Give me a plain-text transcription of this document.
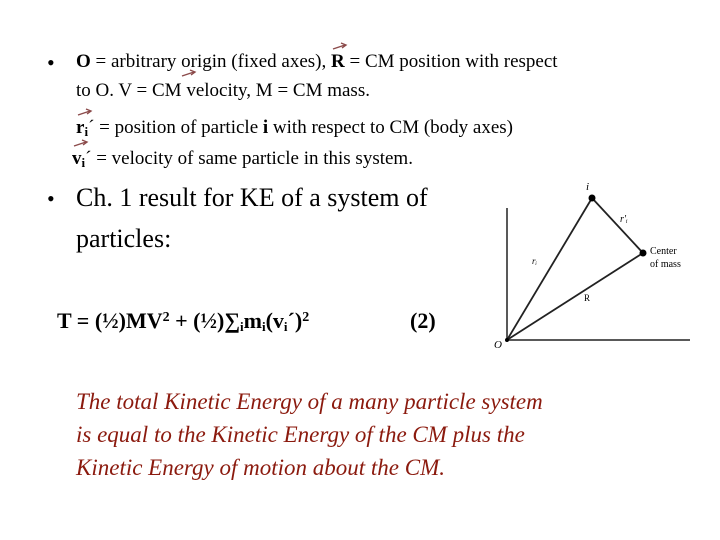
• O = arbitrary origin (fixed axes),
R = CM position with respect
to O. V = CM
velocity, M = CM mass.
$r_i´$ = position of particle i with respect to CM (body axes)
$v_i´$ = velocity of same particle in this system.
• Ch. 1 result for KE of a system of
particles:
$T = (\frac{1}{2})MV^2$ + $(\frac{1}{2})\sum_im_i(v_i´)^2$	(2)
i
r′ᵢ
rᵢ
Center
of mass
R
O
The total Kinetic Energy of a many particle system
is equal to the Kinetic Energy of the CM plus the
Kinetic Energy of motion about the CM.
